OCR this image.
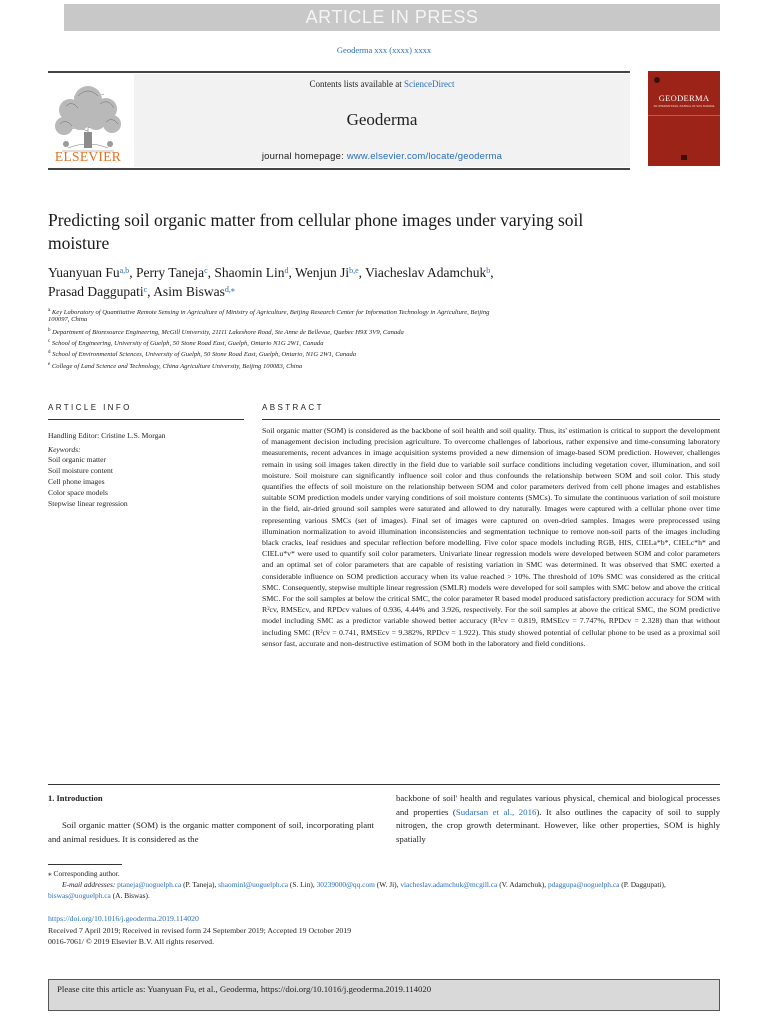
ARTICLE IN PRESS
Geoderma xxx (xxxx) xxxx
ELSEVIER
Contents lists available at ScienceDirect
Geoderma
journal homepage: www.elsevier.com/locate/geoderma
GEODERMA
AN INTERNATIONAL JOURNAL OF SOIL SCIENCE
Predicting soil organic matter from cellular phone images under varying soil
moisture
Yuanyuan Fu$^{a,b}$, Perry Taneja$^c$, Shaomin Lin$^d$, Wenjun Ji$^{b,e}$, Viacheslav Adamchuk$^b$,
Prasad Daggupati$^c$, Asim Biswas$^{d,⁎}$
$^a$ Key Laboratory of Quantitative Remote Sensing in Agriculture of Ministry of Agriculture, Beijing Research Center for Information Technology in Agriculture, Beijing
100097, China
$^b$ Department of Bioresource Engineering, McGill University, 21111 Lakeshore Road, Ste Anne de Bellevue, Quebec H9X 3V9, Canada
$^c$ School of Engineering, University of Guelph, 50 Stone Road East, Guelph, Ontario N1G 2W1, Canada
$^d$ School of Environmental Sciences, University of Guelph, 50 Stone Road East, Guelph, Ontario, N1G 2W1, Canada
$^e$ College of Land Science and Technology, China Agriculture University, Beijing 100083, China
ARTICLE INFO	ABSTRACT
Handling Editor: Cristine L.S. Morgan
Keywords:
Soil organic matter
Soil moisture content
Cell phone images
Color space models
Stepwise linear regression
Soil organic matter (SOM) is considered as the backbone of soil health and soil quality. Thus, its' estimation is critical to support the development of management decision including precision agriculture. To overcome challenges of laborious, rather expensive and time-consuming laboratory measurements, recent advances in image acquisition systems provided a new dimension of image-based SOM prediction. However, challenges remain in using soil images taken directly in the field due to variable soil surface conditions including vegetation cover, illumination, and soil moisture. Soil moisture can significantly influence soil color and thus confounds the relationship between SOM and soil color. This study quantifies the effects of soil moisture on the relationship between SOM and color parameters derived from cell phone images and establishes suitable SOM prediction models under varying conditions of soil moisture contents (SMCs). To simulate the continuous variation of soil moisture in the field, air-dried ground soil samples were saturated and allowed to dry naturally. Images were captured with a cellular phone over time representing various SMCs (set of images). Final set of images were captured on oven-dried samples. Images were preprocessed using illumination normalization to avoid illumination inconsistencies and segmentation technique to remove non-soil parts of the images including black cracks, leaf residues and specular reflection before modelling. Five color space models including RGB, HIS, CIELa*b*, CIELc*h* and CIELu*v* were used to quantify soil color parameters. Univariate linear regression models were developed between SOM and color parameters and an optimal set of color parameters that are capable of resisting variation in SMC was determined. It was observed that SMC exerted a considerable influence on SOM prediction accuracy when its value reached > 10%. The threshold of 10% SMC was considered as the critical SMC. Consequently, stepwise multiple linear regression (SMLR) models were developed for soil samples with SMC below and above the critical SMC. For the soil samples at below the critical SMC, the color parameter R based model produced satisfactory prediction accuracy for SOM with R²cv, RMSEcv, and RPDcv values of 0.936, 4.44% and 3.926, respectively. For the soil samples at above the critical SMC, the SOM predictive model including SMC as a predictor variable showed better accuracy (R²cv = 0.819, RMSEcv = 7.747%, RPDcv = 2.328) than that without including SMC (R²cv = 0.741, RMSEcv = 9.382%, RPDcv = 1.922). This study showed potential of cellular phone to be used as a proximal soil sensor fast, accurate and non-destructive estimation of SOM both in the laboratory and field conditions.
1. Introduction
Soil organic matter (SOM) is the organic matter component of soil, incorporating plant and animal residues. It is considered as the
backbone of soil' health and regulates various physical, chemical and biological processes and properties (Sudarsan et al., 2016). It also outlines the capacity of soil to supply nitrogen, the crop growth determinant. However, like other properties, SOM is highly spatially
⁎ Corresponding author.
E-mail addresses: ptaneja@uoguelph.ca (P. Taneja), shaominl@uoguelph.ca (S. Lin), 30239000@qq.com (W. Ji), viacheslav.adamchuk@mcgill.ca (V. Adamchuk), pdaggupa@uoguelph.ca (P. Daggupati), biswas@uoguelph.ca (A. Biswas).
https://doi.org/10.1016/j.geoderma.2019.114020
Received 7 April 2019; Received in revised form 24 September 2019; Accepted 19 October 2019
0016-7061/ © 2019 Elsevier B.V. All rights reserved.
Please cite this article as: Yuanyuan Fu, et al., Geoderma, https://doi.org/10.1016/j.geoderma.2019.114020
